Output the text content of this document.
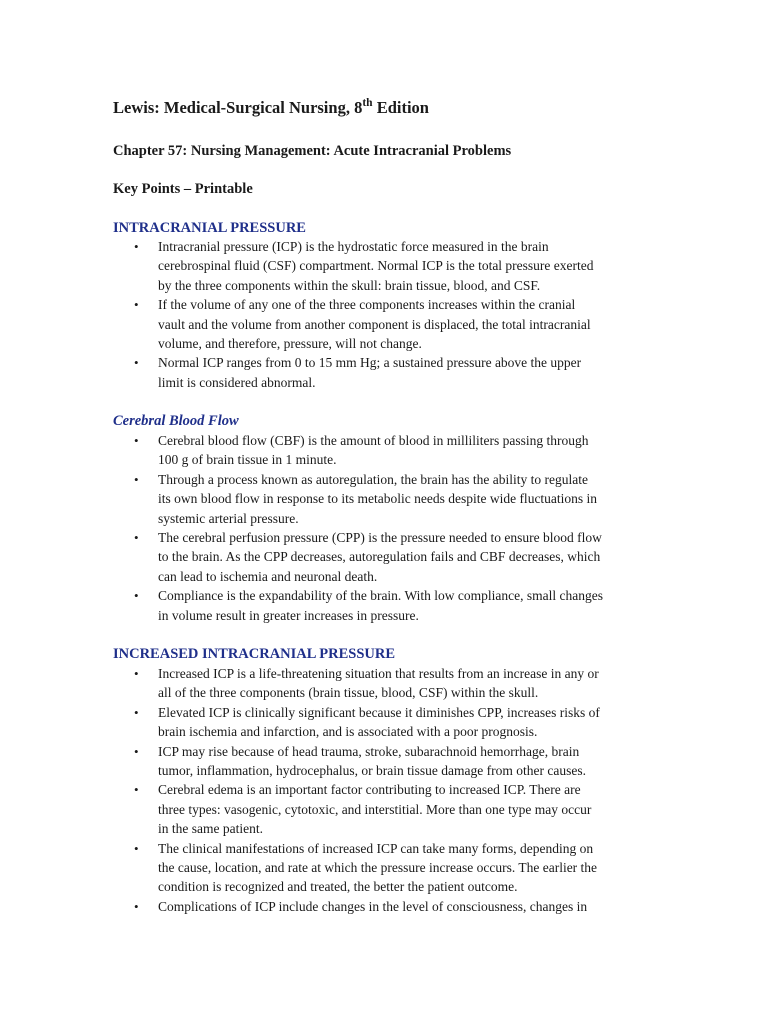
Lewis: Medical-Surgical Nursing, 8th Edition
Chapter 57: Nursing Management: Acute Intracranial Problems
Key Points – Printable
INTRACRANIAL PRESSURE
•	Intracranial pressure (ICP) is the hydrostatic force measured in the brain
cerebrospinal fluid (CSF) compartment. Normal ICP is the total pressure exerted
by the three components within the skull: brain tissue, blood, and CSF.
•	If the volume of any one of the three components increases within the cranial
vault and the volume from another component is displaced, the total intracranial
volume, and therefore, pressure, will not change.
•	Normal ICP ranges from 0 to 15 mm Hg; a sustained pressure above the upper
limit is considered abnormal.
Cerebral Blood Flow
•	Cerebral blood flow (CBF) is the amount of blood in milliliters passing through
100 g of brain tissue in 1 minute.
•	Through a process known as autoregulation, the brain has the ability to regulate
its own blood flow in response to its metabolic needs despite wide fluctuations in
systemic arterial pressure.
•	The cerebral perfusion pressure (CPP) is the pressure needed to ensure blood flow
to the brain. As the CPP decreases, autoregulation fails and CBF decreases, which
can lead to ischemia and neuronal death.
•	Compliance is the expandability of the brain. With low compliance, small changes
in volume result in greater increases in pressure.
INCREASED INTRACRANIAL PRESSURE
•	Increased ICP is a life-threatening situation that results from an increase in any or
all of the three components (brain tissue, blood, CSF) within the skull.
•	Elevated ICP is clinically significant because it diminishes CPP, increases risks of
brain ischemia and infarction, and is associated with a poor prognosis.
•	ICP may rise because of head trauma, stroke, subarachnoid hemorrhage, brain
tumor, inflammation, hydrocephalus, or brain tissue damage from other causes.
•	Cerebral edema is an important factor contributing to increased ICP. There are
three types: vasogenic, cytotoxic, and interstitial. More than one type may occur
in the same patient.
•	The clinical manifestations of increased ICP can take many forms, depending on
the cause, location, and rate at which the pressure increase occurs. The earlier the
condition is recognized and treated, the better the patient outcome.
•	Complications of ICP include changes in the level of consciousness, changes in
